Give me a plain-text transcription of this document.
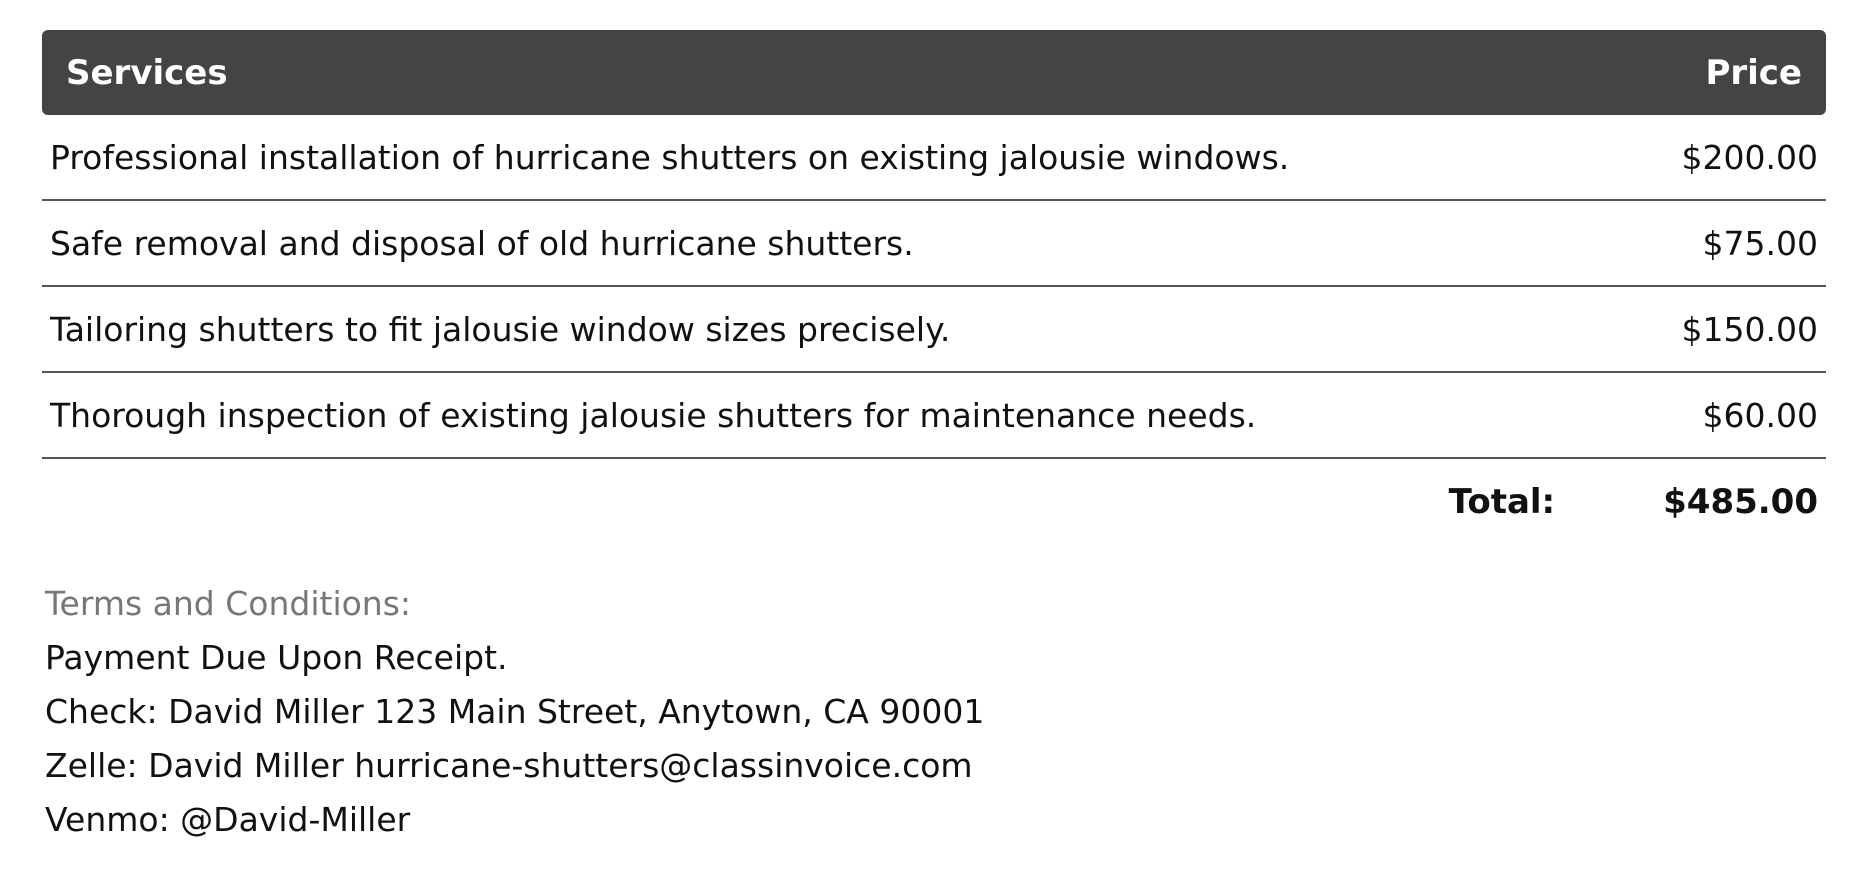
Services	Price
Professional installation of hurricane shutters on existing jalousie windows.	$200.00
Safe removal and disposal of old hurricane shutters.	$75.00
Tailoring shutters to fit jalousie window sizes precisely.	$150.00
Thorough inspection of existing jalousie shutters for maintenance needs.	$60.00
Total:	$485.00
Terms and Conditions:
Payment Due Upon Receipt.
Check: David Miller 123 Main Street, Anytown, CA 90001
Zelle: David Miller hurricane-shutters@classinvoice.com
Venmo: @David-Miller
